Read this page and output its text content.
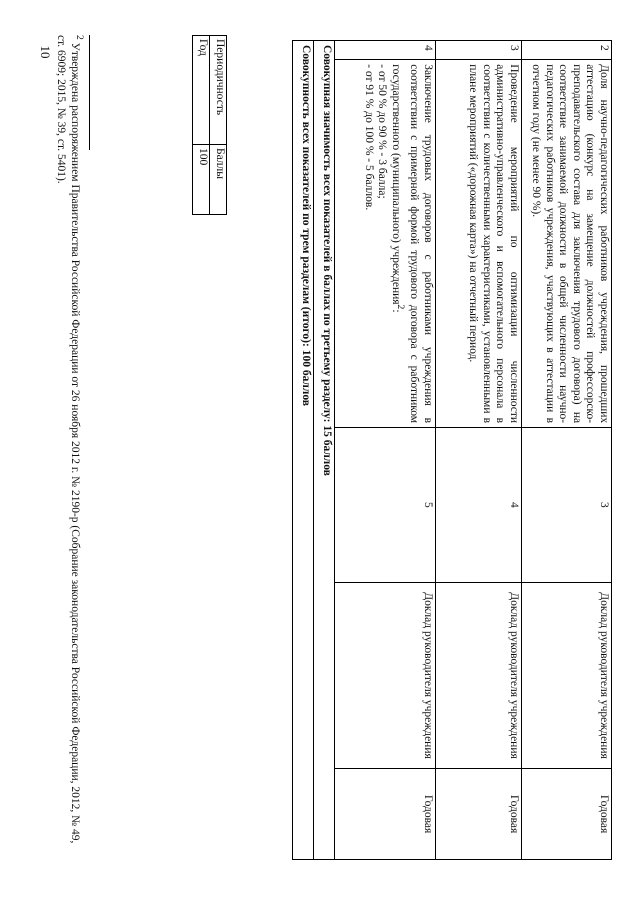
10	2	Доля научно-педагогических работников учреждения, прошедших аттестацию (конкурс на замещение должностей профессорско-преподавательского состава для заключения трудового договора) на соответствие занимаемой должности в общей численности научно-педагогических работников учреждения, участвующих в аттестации в отчетном году (не менее 90 %).	3	Доклад руководителя учреждения	Годовая
3	Проведение мероприятий по оптимизации численности административно-управленческого и вспомогательного персонала в соответствии с количественными характеристиками, установленными в плане мероприятий («дорожная карта») на отчетный период.	4	Доклад руководителя учреждения	Годовая
4	Заключение трудовых договоров с работниками учреждения в соответствии с примерной формой трудового договора с работником государственного (муниципального) учреждения$^2$:
- от 50 % до 90 % - 3 балла;
- от 91 % до 100 % - 5 баллов.	5	Доклад руководителя учреждения	Годовая
Совокупная значимость всех показателей в баллах по третьему разделу: 15 баллов				
Совокупность всех показателей по трем разделам (итого): 100 баллов				
Периодичность	Баллы
Год	100
$^2$ Утверждена распоряжением Правительства Российской Федерации от 26 ноября 2012 г. № 2190-р (Собрание законодательства Российской Федерации, 2012, № 49, ст. 6909; 2015, № 39, ст. 5401).
